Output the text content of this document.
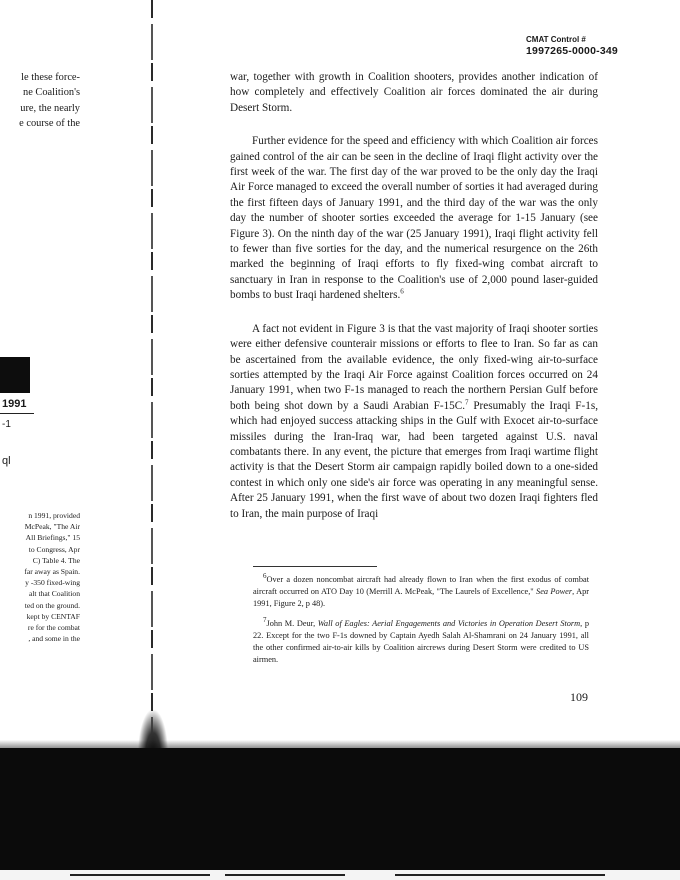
le these force-
ne Coalition's
ure, the nearly
e course of the
1991
-1
ql
n 1991, provided
McPeak, "The Air
All Briefings," 15
to Congress, Apr
C) Table 4. The
far away as Spain.
y -350 fixed-wing
alt that Coalition
ted on the ground.
kept by CENTAF
re for the combat
, and some in the
CMAT Control #
1997265-0000-349

war, together with growth in Coalition shooters, provides another indication of how completely and effectively Coalition air forces dominated the air during Desert Storm.

Further evidence for the speed and efficiency with which Coalition air forces gained control of the air can be seen in the decline of Iraqi flight activity over the first week of the war. The first day of the war proved to be the only day the Iraqi Air Force managed to exceed the overall number of sorties it had averaged during the first fifteen days of January 1991, and the third day of the war was the only day the number of shooter sorties exceeded the average for 1-15 January (see Figure 3). On the ninth day of the war (25 January 1991), Iraqi flight activity fell to fewer than five sorties for the day, and the numerical resurgence on the 26th marked the beginning of Iraqi efforts to fly fixed-wing combat aircraft to sanctuary in Iran in response to the Coalition's use of 2,000 pound laser-guided bombs to bust Iraqi hardened shelters.$^6$

A fact not evident in Figure 3 is that the vast majority of Iraqi shooter sorties were either defensive counterair missions or efforts to flee to Iran. So far as can be ascertained from the available evidence, the only fixed-wing air-to-surface sorties attempted by the Iraqi Air Force against Coalition forces occurred on 24 January 1991, when two F-1s managed to reach the northern Persian Gulf before both being shot down by a Saudi Arabian F-15C.$^7$ Presumably the Iraqi F-1s, which had enjoyed success attacking ships in the Gulf with Exocet air-to-surface missiles during the Iran-Iraq war, had been targeted against U.S. naval combatants there. In any event, the picture that emerges from Iraqi wartime flight activity is that the Desert Storm air campaign rapidly boiled down to a one-sided contest in which only one side's air force was operating in any meaningful sense. After 25 January 1991, when the first wave of about two dozen Iraqi fighters fled to Iran, the main purpose of Iraqi

$^6$Over a dozen noncombat aircraft had already flown to Iran when the first exodus of combat aircraft occurred on ATO Day 10 (Merrill A. McPeak, "The Laurels of Excellence," Sea Power, Apr 1991, Figure 2, p 48).

$^7$John M. Deur, Wall of Eagles: Aerial Engagements and Victories in Operation Desert Storm, p 22. Except for the two F-1s downed by Captain Ayedh Salah Al-Shamrani on 24 January 1991, all the other confirmed air-to-air kills by Coalition aircrews during Desert Storm were credited to US airmen.

109
